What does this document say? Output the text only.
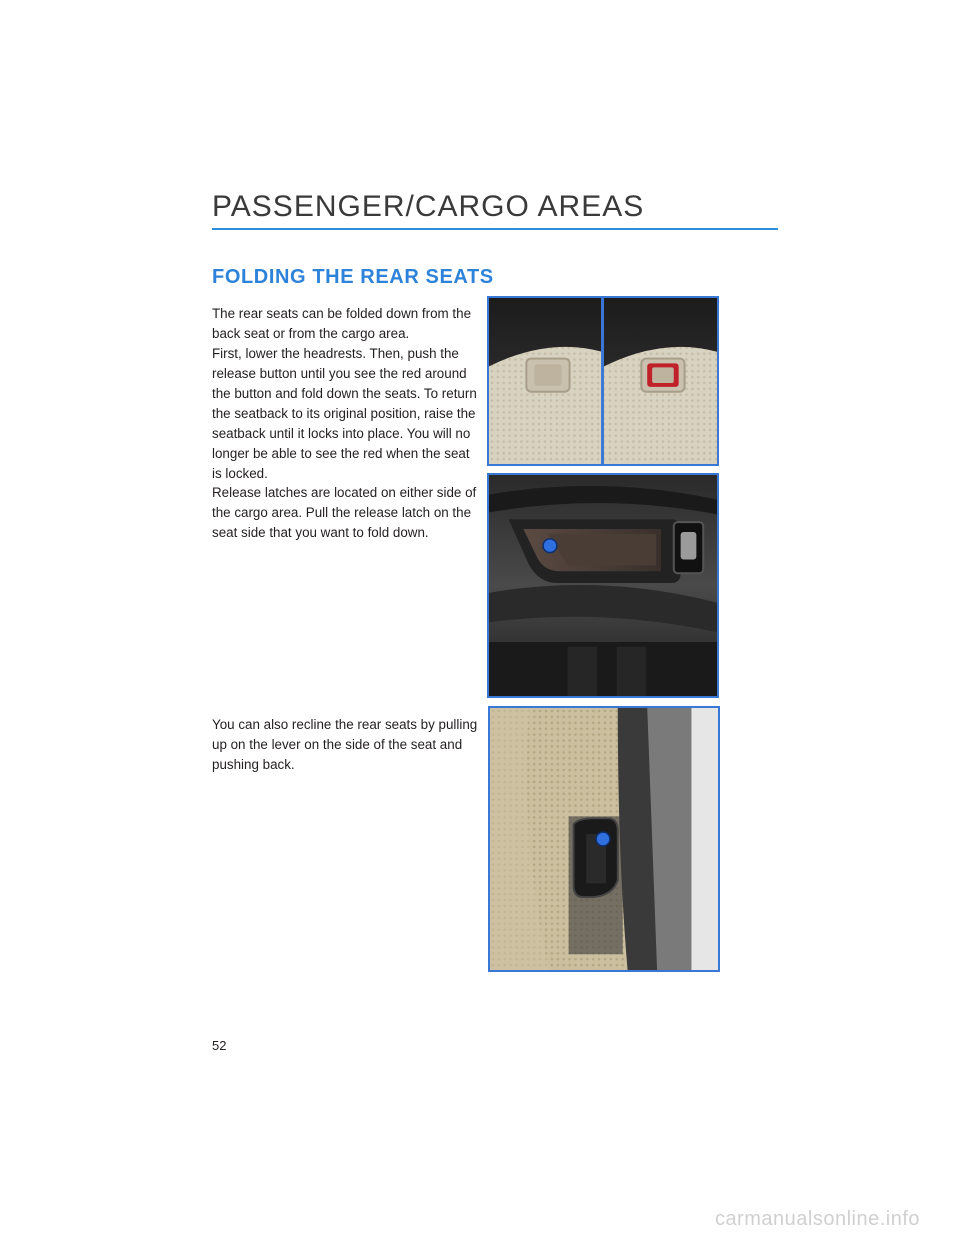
PASSENGER/CARGO AREAS
FOLDING THE REAR SEATS

The rear seats can be folded down from the back seat or from the cargo area.

First, lower the headrests. Then, push the release button until you see the red around the button and fold down the seats. To return the seatback to its original position, raise the seatback until it locks into place. You will no longer be able to see the red when the seat is locked.

Release latches are located on either side of the cargo area. Pull the release latch on the seat side that you want to fold down.

You can also recline the rear seats by pulling up on the lever on the side of the seat and pushing back.

52
carmanualsonline.info
